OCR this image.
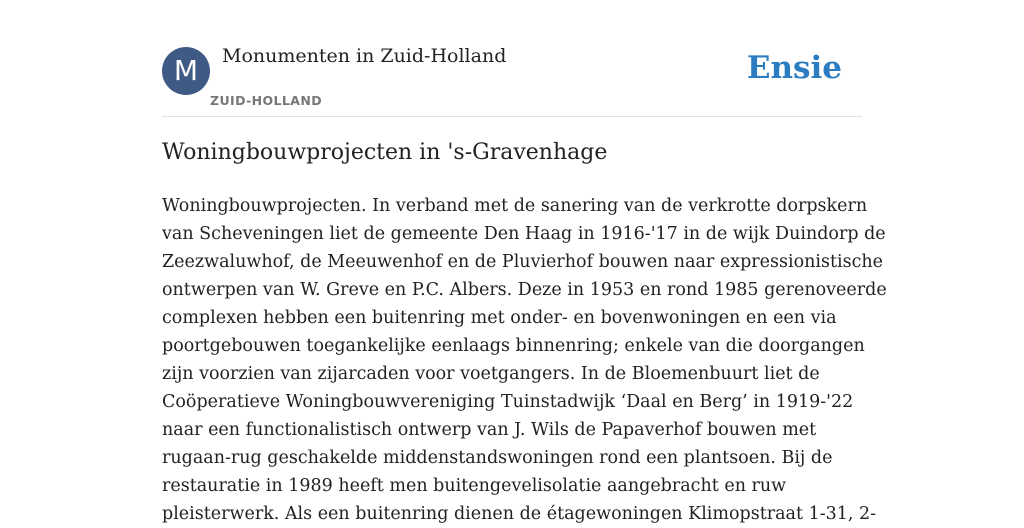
M	Monumenten in Zuid-Holland
ZUID-HOLLAND
Ensie
Woningbouwprojecten in 's-Gravenhage
Woningbouwprojecten. In verband met de sanering van de verkrotte dorpskern
van Scheveningen liet de gemeente Den Haag in 1916-'17 in de wijk Duindorp de
Zeezwaluwhof, de Meeuwenhof en de Pluvierhof bouwen naar expressionistische
ontwerpen van W. Greve en P.C. Albers. Deze in 1953 en rond 1985 gerenoveerde
complexen hebben een buitenring met onder- en bovenwoningen en een via
poortgebouwen toegankelijke eenlaags binnenring; enkele van die doorgangen
zijn voorzien van zijarcaden voor voetgangers. In de Bloemenbuurt liet de
Coöperatieve Woningbouwvereniging Tuinstadwijk ‘Daal en Berg’ in 1919-'22
naar een functionalistisch ontwerp van J. Wils de Papaverhof bouwen met
rugaan-rug geschakelde middenstandswoningen rond een plantsoen. Bij de
restauratie in 1989 heeft men buitengevelisolatie aangebracht en ruw
pleisterwerk. Als een buitenring dienen de étagewoningen Klimopstraat 1-31, 2-
